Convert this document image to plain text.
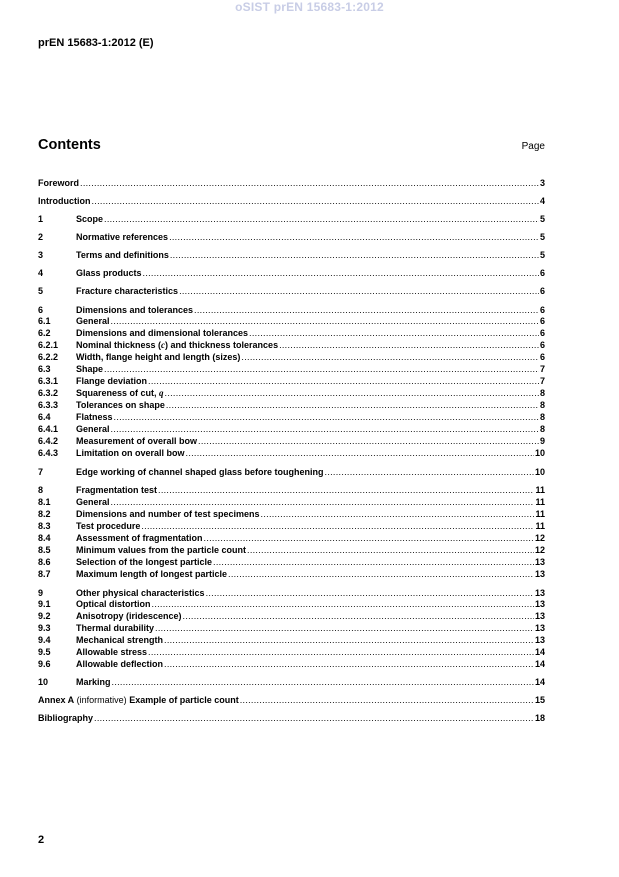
oSIST prEN 15683-1:2012
prEN 15683-1:2012 (E)
Contents	Page
Foreword .....	3
Introduction .....	4
1	Scope .....	5
2	Normative references .....	5
3	Terms and definitions .....	5
4	Glass products .....	6
5	Fracture characteristics .....	6
6	Dimensions and tolerances .....	6
6.1	General .....	6
6.2	Dimensions and dimensional tolerances .....	6
6.2.1	Nominal thickness (c) and thickness tolerances .....	6
6.2.2	Width, flange height and length (sizes) .....	6
6.3	Shape .....	7
6.3.1	Flange deviation .....	7
6.3.2	Squareness of cut, q .....	8
6.3.3	Tolerances on shape .....	8
6.4	Flatness .....	8
6.4.1	General .....	8
6.4.2	Measurement of overall bow .....	9
6.4.3	Limitation on overall bow .....	10
7	Edge working of channel shaped glass before toughening .....	10
8	Fragmentation test .....	11
8.1	General .....	11
8.2	Dimensions and number of test specimens .....	11
8.3	Test procedure .....	11
8.4	Assessment of fragmentation .....	12
8.5	Minimum values from the particle count .....	12
8.6	Selection of the longest particle .....	13
8.7	Maximum length of longest particle .....	13
9	Other physical characteristics .....	13
9.1	Optical distortion .....	13
9.2	Anisotropy (iridescence) .....	13
9.3	Thermal durability .....	13
9.4	Mechanical strength .....	13
9.5	Allowable stress .....	14
9.6	Allowable deflection .....	14
10	Marking .....	14
Annex A (informative) Example of particle count .....	15
Bibliography .....	18
2
